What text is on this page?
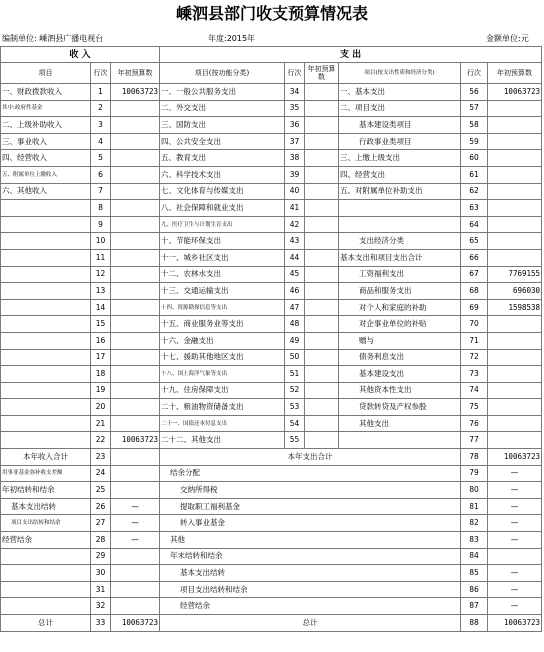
嵊泗县部门收支预算情况表
编制单位: 嵊泗县广播电视台	年度:2015年	金额单位:元
收 入			支 出					
项目	行次	年初预算数	项目(按功能分类)	行次	年初预算数	项目(按支出性质和经济分类)	行次	年初预算数
一、财政拨款收入	1	10063723	一、一般公共服务支出	34		一、基本支出	56	10063723
其中:政府性基金	2		二、外交支出	35		二、项目支出	57	
二、上级补助收入	3		三、国防支出	36		基本建设类项目	58	
三、事业收入	4		四、公共安全支出	37		行政事业类项目	59	
四、经营收入	5		五、教育支出	38		三、上缴上级支出	60	
五、附属单位上缴收入	6		六、科学技术支出	39		四、经营支出	61	
六、其他收入	7		七、文化体育与传媒支出	40		五、对附属单位补助支出	62	
	8		八、社会保障和就业支出	41			63	
	9		九、医疗卫生与计划生育支出	42			64	
	10		十、节能环保支出	43		支出经济分类	65	
	11		十一、城乡社区支出	44		基本支出和项目支出合计	66	
	12		十二、农林水支出	45		工资福利支出	67	7769155
	13		十三、交通运输支出	46		商品和服务支出	68	696030
	14		十四、资源勘探信息等支出	47		对个人和家庭的补助	69	1598538
	15		十五、商业服务业等支出	48		对企事业单位的补贴	70	
	16		十六、金融支出	49		赠与	71	
	17		十七、援助其他地区支出	50		债务利息支出	72	
	18		十八、国土海洋气象等支出	51		基本建设支出	73	
	19		十九、住房保障支出	52		其他资本性支出	74	
	20		二十、粮油物资储备支出	53		贷款转贷及产权参股	75	
	21		二十一、国债还本付息支出	54		其他支出	76	
	22	10063723	二十二、其他支出	55			77	
本年收入合计	23		本年支出合计				78	10063723
用事业基金弥补收支差额	24		结余分配				79	—
年初结转和结余	25		交纳所得税				80	—
基本支出结转	26	—	提取职工福利基金				81	—
项目支出结转和结余	27	—	转入事业基金				82	—
经营结余	28	—	其他				83	—
	29		年末结转和结余				84	
	30		基本支出结转				85	—
	31		项目支出结转和结余				86	—
	32		经营结余				87	—
总计	33	10063723	总计				88	10063723
